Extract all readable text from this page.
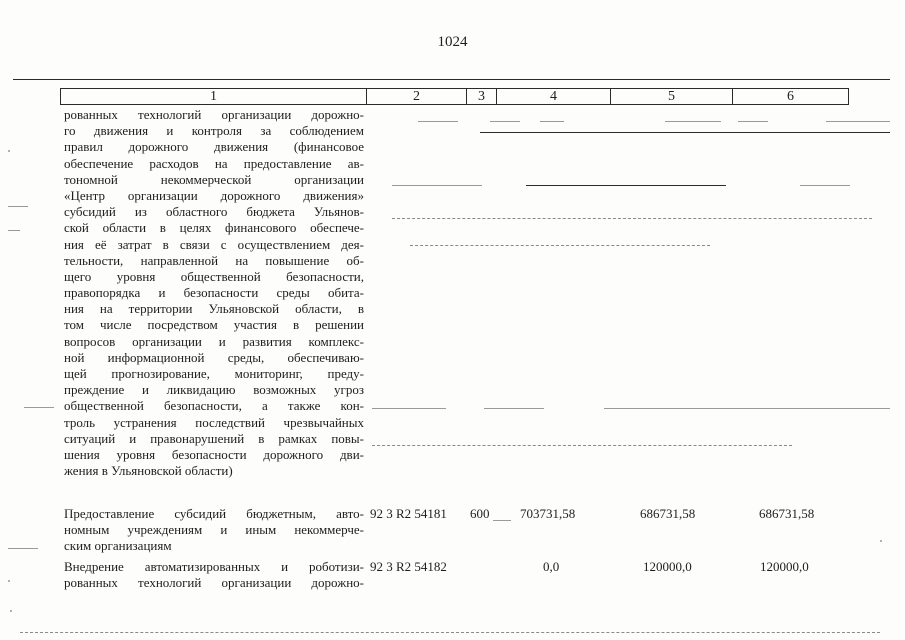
1024
1	2	3	4	5	6
рованных технологий организации дорожно-
го движения и контроля за соблюдением
правил дорожного движения (финансовое
обеспечение расходов на предоставление ав-
тономной некоммерческой организации
«Центр организации дорожного движения»
субсидий из областного бюджета Ульянов-
ской области в целях финансового обеспече-
ния её затрат в связи с осуществлением дея-
тельности, направленной на повышение об-
щего уровня общественной безопасности,
правопорядка и безопасности среды обита-
ния на территории Ульяновской области, в
том числе посредством участия в решении
вопросов организации и развития комплекс-
ной информационной среды, обеспечиваю-
щей прогнозирование, мониторинг, преду-
преждение и ликвидацию возможных угроз
общественной безопасности, а также кон-
троль устранения последствий чрезвычайных
ситуаций и правонарушений в рамках повы-
шения уровня безопасности дорожного дви-
жения в Ульяновской области)
Предоставление субсидий бюджетным, авто-
номным учреждениям и иным некоммерче-
ским организациям
92 3 R2 54181 600 703731,58	686731,58	686731,58
Внедрение автоматизированных и роботизи-
рованных технологий организации дорожно-
92 3 R2 54182	0,0	120000,0	120000,0
